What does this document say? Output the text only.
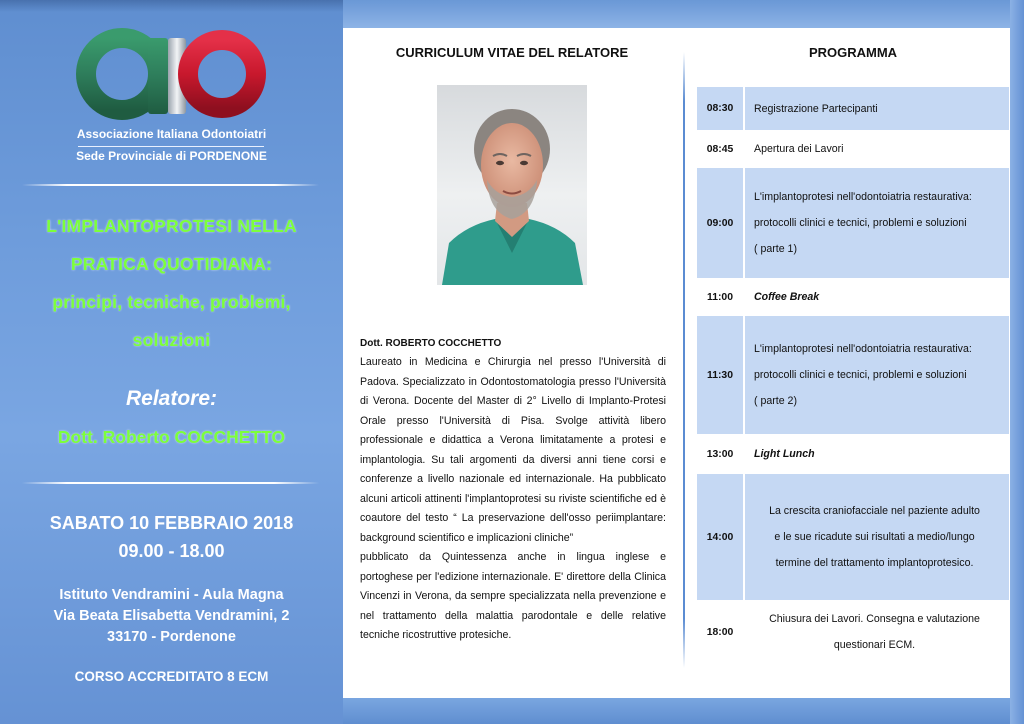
Associazione Italiana Odontoiatri
Sede Provinciale di PORDENONE
L'IMPLANTOPROTESI NELLA
PRATICA QUOTIDIANA:
principi, tecniche, problemi,
soluzioni
Relatore:
Dott. Roberto COCCHETTO
SABATO 10 FEBBRAIO 2018
09.00 - 18.00
Istituto Vendramini - Aula Magna
Via Beata Elisabetta Vendramini, 2
33170 - Pordenone
CORSO ACCREDITATO 8 ECM
CURRICULUM VITAE DEL RELATORE
Dott. ROBERTO COCCHETTO

Laureato in Medicina e Chirurgia nel presso l'Università di Padova. Specializzato in Odontostomatologia presso l'Università di Verona. Docente del Master di 2° Livello di Implanto-Protesi Orale presso l'Università di Pisa. Svolge attività libero professionale e didattica a Verona limitatamente a protesi e implantologia. Su tali argomenti da diversi anni tiene corsi e conferenze a livello nazionale ed internazionale. Ha pubblicato alcuni articoli attinenti l'implantoprotesi su riviste scientifiche ed è coautore del testo “ La preservazione dell'osso periimplantare: background scientifico e implicazioni cliniche”

pubblicato da Quintessenza anche in lingua inglese e portoghese per l'edizione internazionale. E' direttore della Clinica Vincenzi in Verona, da sempre specializzata nella prevenzione e nel trattamento della malattia parodontale e delle relative tecniche ricostruttive protesiche.

PROGRAMMA
08:30	Registrazione Partecipanti
08:45	Apertura dei Lavori
09:00
L'implantoprotesi nell'odontoiatria restaurativa:
protocolli clinici e tecnici, problemi e soluzioni
( parte 1)
11:00	Coffee Break
11:30
L'implantoprotesi nell'odontoiatria restaurativa:
protocolli clinici e tecnici, problemi e soluzioni
( parte 2)
13:00	Light Lunch
14:00
La crescita craniofacciale nel paziente adulto
e le sue ricadute sui risultati a medio/lungo
termine del trattamento implantoprotesico.
18:00
Chiusura dei Lavori. Consegna e valutazione
questionari ECM.
